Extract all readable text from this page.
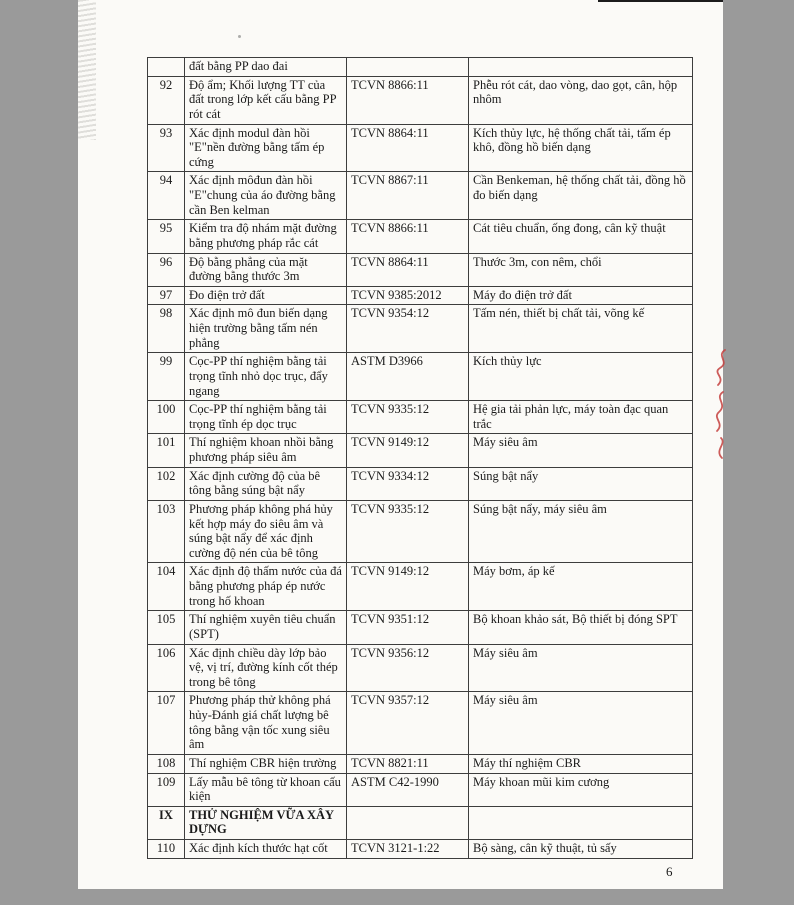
	đất bằng PP dao đai		
92	Độ ẩm; Khối lượng TT của đất trong lớp kết cấu bằng PP rót cát	TCVN 8866:11	Phễu rót cát, dao vòng, dao gọt, cân, hộp nhôm
93	Xác định modul đàn hồi "E"nền đường bằng tấm ép cứng	TCVN 8864:11	Kích thủy lực, hệ thống chất tải, tấm ép khô, đồng hồ biến dạng
94	Xác định môđun đàn hồi "E"chung của áo đường bằng cần Ben kelman	TCVN 8867:11	Cần Benkeman, hệ thống chất tải, đồng hồ đo biến dạng
95	Kiểm tra độ nhám mặt đường bằng phương pháp rắc cát	TCVN 8866:11	Cát tiêu chuẩn, ống đong, cân kỹ thuật
96	Độ bằng phẳng của mặt đường bằng thước 3m	TCVN 8864:11	Thước 3m, con nêm, chổi
97	Đo điện trở đất	TCVN 9385:2012	Máy đo điện trở đất
98	Xác định mô đun biến dạng hiện trường bằng tấm nén phẳng	TCVN 9354:12	Tấm nén, thiết bị chất tải, võng kế
99	Cọc-PP thí nghiệm bằng tải trọng tĩnh nhỏ dọc trục, đẩy ngang	ASTM D3966	Kích thủy lực
100	Cọc-PP thí nghiệm bằng tải trọng tĩnh ép dọc trục	TCVN 9335:12	Hệ gia tải phản lực, máy toàn đạc quan trắc
101	Thí nghiệm khoan nhồi bằng phương pháp siêu âm	TCVN 9149:12	Máy siêu âm
102	Xác định cường độ của bê tông bằng súng bật nẩy	TCVN 9334:12	Súng bật nẩy
103	Phương pháp không phá hủy kết hợp máy đo siêu âm và súng bật nẩy để xác định cường độ nén của bê tông	TCVN 9335:12	Súng bật nẩy, máy siêu âm
104	Xác định độ thấm nước của đá bằng phương pháp ép nước trong hố khoan	TCVN 9149:12	Máy bơm, áp kế
105	Thí nghiệm xuyên tiêu chuẩn (SPT)	TCVN 9351:12	Bộ khoan khảo sát, Bộ thiết bị đóng SPT
106	Xác định chiều dày lớp bảo vệ, vị trí, đường kính cốt thép trong bê tông	TCVN 9356:12	Máy siêu âm
107	Phương pháp thử không phá hủy-Đánh giá chất lượng bê tông bằng vận tốc xung siêu âm	TCVN 9357:12	Máy siêu âm
108	Thí nghiệm CBR hiện trường	TCVN 8821:11	Máy thí nghiệm CBR
109	Lấy mẫu bê tông từ khoan cấu kiện	ASTM C42-1990	Máy khoan mũi kim cương
IX	THỬ NGHIỆM VỮA XÂY DỰNG		
110	Xác định kích thước hạt cốt	TCVN 3121-1:22	Bộ sàng, cân kỹ thuật, tủ sấy
6
